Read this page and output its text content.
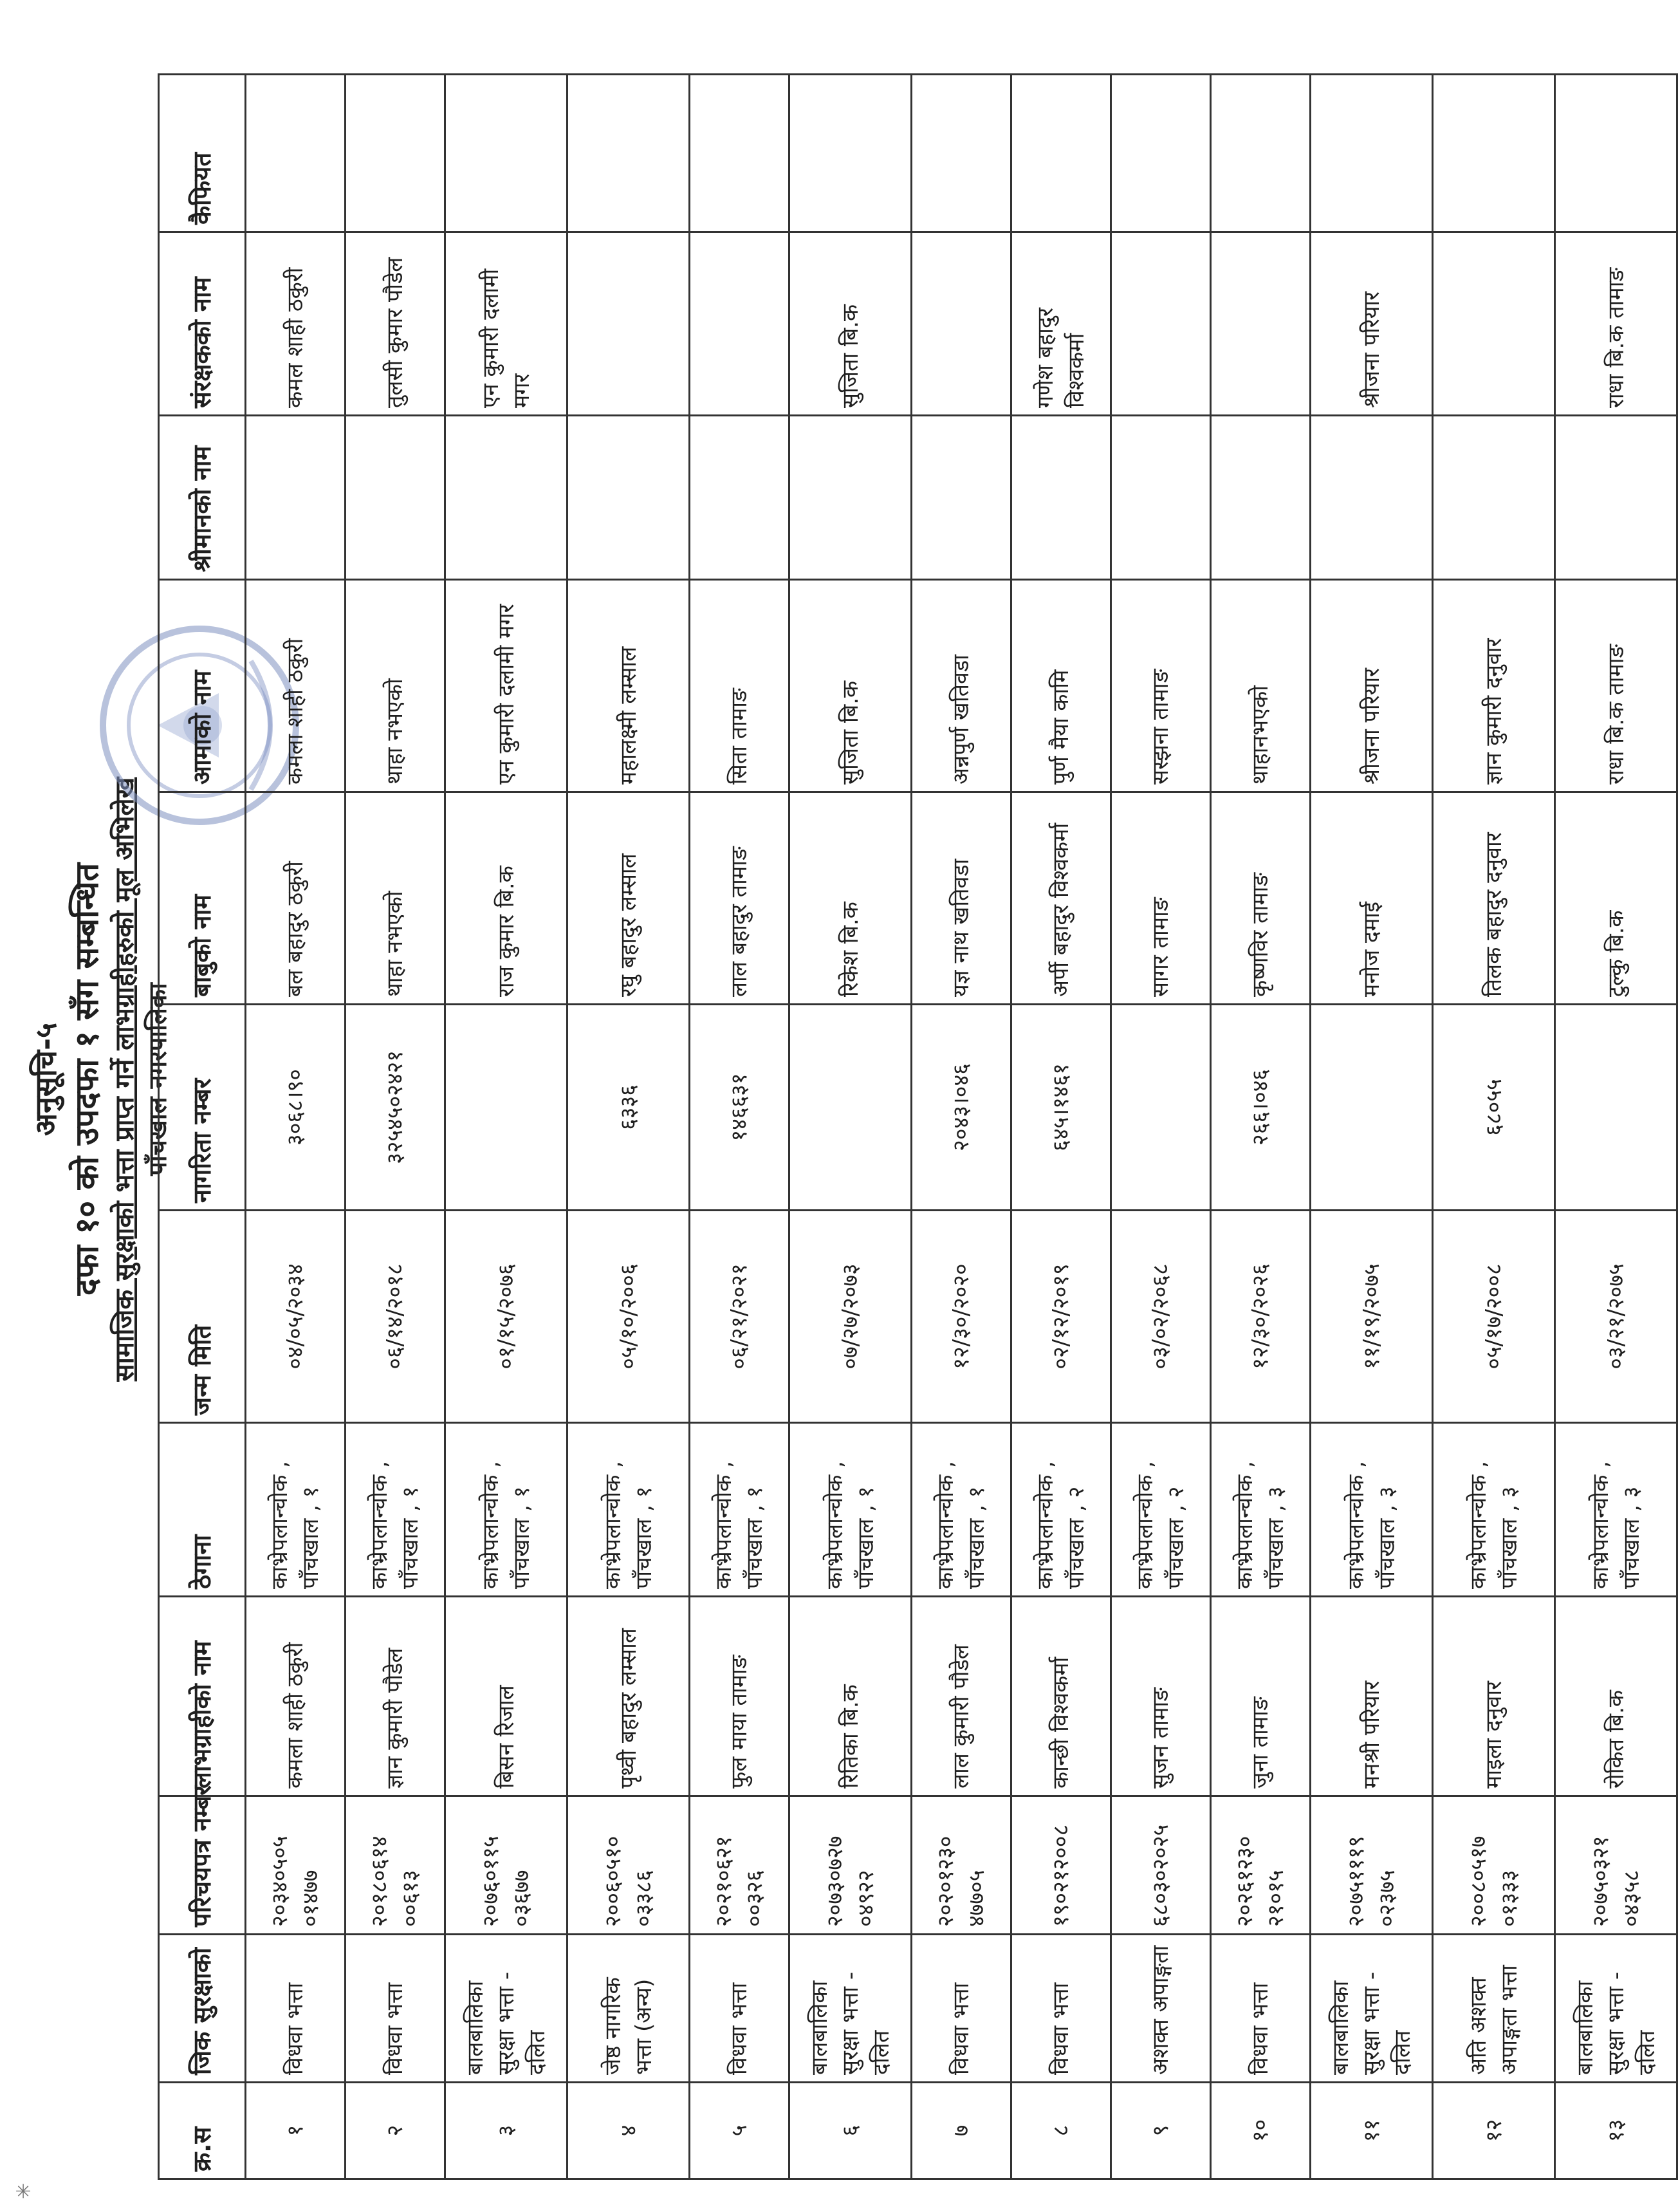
अनुसूचि-५ दफा १० को उपदफा १ सँग सम्बन्धित सामाजिक सुरक्षाको भत्ता प्राप्त गर्ने लाभग्राहीहरुको मूल अभिलेख पाँचखाल नगरपालिका
क्र.स	जिक सुरक्षाको	परिचयपत्र नम्बर	लाभग्राहीको नाम	ठेगाना	जन्म मिति	नागरिता नम्बर	बाबुको नाम	आमाको नाम	श्रीमानको नाम	संरक्षकको नाम	कैफियत
१	विधवा भत्ता	२०३४०५०५ ०१४७७	कमला शाही ठकुरी	काभ्रेपलान्चोक , पाँचखाल , १	०४/०५/२०३४	३०६८।९०	बल बहादुर ठकुरी	कमला शाही ठकुरी		कमल शाही ठकुरी	
२	विधवा भत्ता	२०१८०६१४ ००६१३	ज्ञान कुमारी पौडेल	काभ्रेपलान्चोक , पाँचखाल , १	०६/१४/२०१८	३२५४५०२४२१	थाहा नभएको	थाहा नभएको		तुलसी कुमार पौडेल	
३	बालबालिका सुरक्षा भत्ता - दलित	२०७६०११५ ०३६७७	बिसन रिजाल	काभ्रेपलान्चोक , पाँचखाल , १	०१/१५/२०७६		राज कुमार बि.क	एन कुमारी दलामी मगर		एन कुमारी दलामी मगर	
४	जेष्ठ नागरिक भत्ता (अन्य)	२००६०५१० ०३३८६	पृथ्वी बहादुर लम्साल	काभ्रेपलान्चोक , पाँचखाल , १	०५/१०/२००६	६३३६	रघु बहादुर लम्साल	महालक्ष्मी लम्साल			
५	विधवा भत्ता	२०२१०६२१ ००३२६	फुल माया तामाङ	काभ्रेपलान्चोक , पाँचखाल , १	०६/२१/२०२१	१४६६३१	लाल बहादुर तामाङ	सिता तामाङ			
६	बालबालिका सुरक्षा भत्ता - दलित	२०७३०७२७ ०४९२२	रितिका बि.क	काभ्रेपलान्चोक , पाँचखाल , १	०७/२७/२०७३		रिकेश बि.क	सुजिता बि.क		सुजिता बि.क	
७	विधवा भत्ता	२०२०१२३० ४७७०५	लाल कुमारी पौडेल	काभ्रेपलान्चोक , पाँचखाल , १	१२/३०/२०२०	२०४३।०४६	यज्ञ नाथ खतिवडा	अन्नपुर्ण खतिवडा			
८	विधवा भत्ता	१९०२१२००८	कान्छी विश्वकर्मा	काभ्रेपलान्चोक , पाँचखाल , २	०२/१२/२०१९	६४५।१४६१	अर्पी बहादुर विश्वकर्मा	पुर्ण मैया कामि		गणेश बहादुर विश्वकर्मा	
९	अशक्त अपाङ्गता	६८०३०२०२५	सुजन तामाङ	काभ्रेपलान्चोक , पाँचखाल , २	०३/०२/२०६८		सागर तामाङ	सस्झना तामाङ			
१०	विधवा भत्ता	२०२६१२३० २१०१५	जुना तामाङ	काभ्रेपलान्चोक , पाँचखाल , ३	१२/३०/२०२६	२६६।०४६	कृष्णविर तामाङ	थाहानभएको			
११	बालबालिका सुरक्षा भत्ता - दलित	२०७५१११९ ०२३७५	मनश्री परियार	काभ्रेपलान्चोक , पाँचखाल , ३	११/१९/२०७५		मनोज दमाई	श्रीजना परियार		श्रीजना परियार	
१२	अति अशक्त अपाङ्गता भत्ता	२००८०५१७ ०१३३३	माइला दनुवार	काभ्रेपलान्चोक , पाँचखाल , ३	०५/१७/२००८	६८०५५	तिलक बहादुर दनुवार	ज्ञान कुमारी दनुवार			
१३	बालबालिका सुरक्षा भत्ता - दलित	२०७५०३२१ ०४३५८	रोकित बि.क	काभ्रेपलान्चोक , पाँचखाल , ३	०३/२१/२०७५		टुल्कु बि.क	राधा बि.क तामाङ		राधा बि.क तामाङ	
✳
